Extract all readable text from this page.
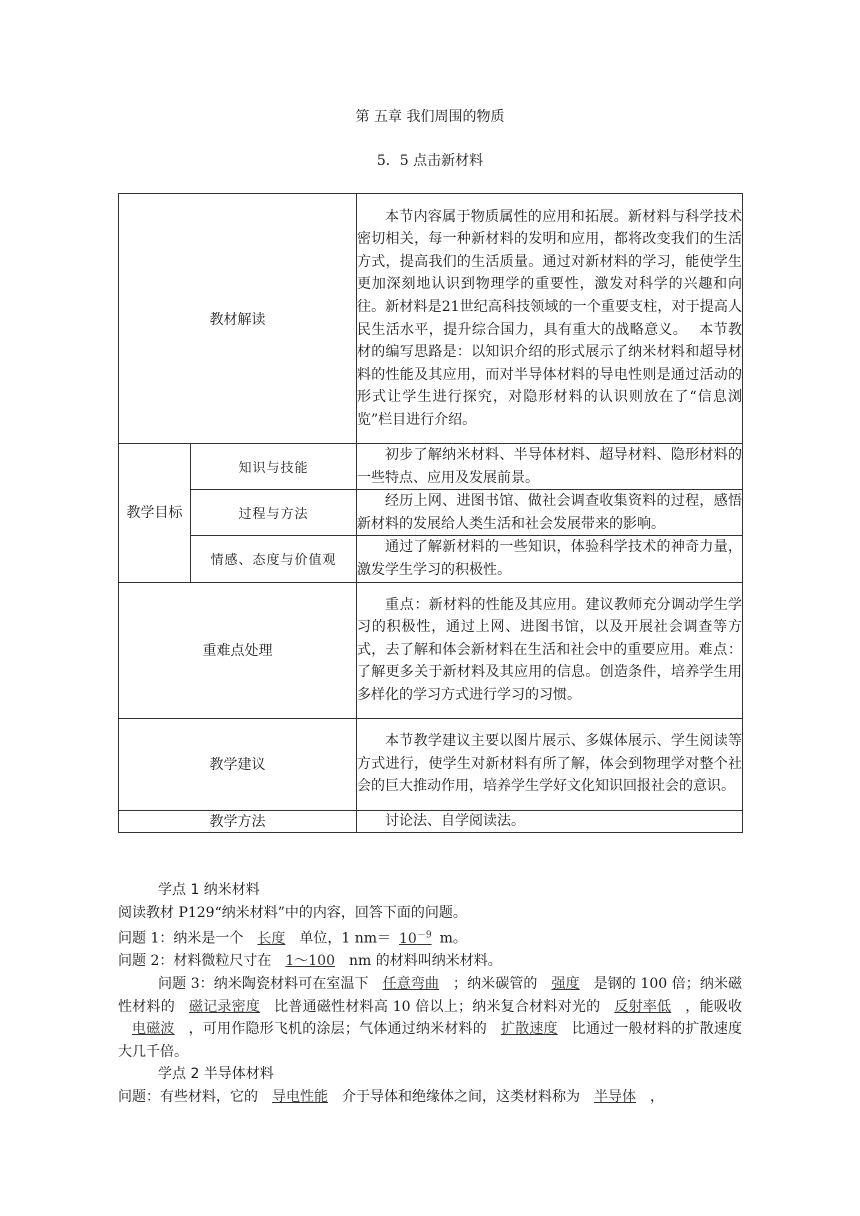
第 五章 我们周围的物质
5．5 点击新材料
教材解读		本节内容属于物质属性的应用和拓展。新材料与科学技术密切相关，每一种新材料的发明和应用，都将改变我们的生活方式，提高我们的生活质量。通过对新材料的学习，能使学生更加深刻地认识到物理学的重要性，激发对科学的兴趣和向往。新材料是21世纪高科技领域的一个重要支柱，对于提高人民生活水平，提升综合国力，具有重大的战略意义。　 本节教材的编写思路是：以知识介绍的形式展示了纳米材料和超导材料的性能及其应用，而对半导体材料的导电性则是通过活动的形式让学生进行探究，对隐形材料的认识则放在了“信息浏览”栏目进行介绍。
教学目标	知识与技能	初步了解纳米材料、半导体材料、超导材料、隐形材料的一些特点、应用及发展前景。
	过程与方法	经历上网、进图书馆、做社会调查收集资料的过程，感悟新材料的发展给人类生活和社会发展带来的影响。
	情感、态度与价值观	通过了解新材料的一些知识，体验科学技术的神奇力量，激发学生学习的积极性。
重难点处理		重点：新材料的性能及其应用。建议教师充分调动学生学习的积极性，通过上网、进图书馆，以及开展社会调查等方式，去了解和体会新材料在生活和社会中的重要应用。难点：了解更多关于新材料及其应用的信息。创造条件，培养学生用多样化的学习方式进行学习的习惯。
教学建议		本节教学建议主要以图片展示、多媒体展示、学生阅读等方式进行，使学生对新材料有所了解，体会到物理学对整个社会的巨大推动作用，培养学生学好文化知识回报社会的意识。
教学方法		讨论法、自学阅读法。

学点 1 纳米材料

阅读教材 P129“纳米材料”中的内容，回答下面的问题。

问题 1：纳米是一个 长度 单位，1 $nm= 10^{-9}$ m。

问题 2：材料微粒尺寸在 1～100 nm 的材料叫纳米材料。

问题 3：纳米陶瓷材料可在室温下 任意弯曲 ；纳米碳管的 强度 是钢的 100 倍；纳米磁性材料的 磁记录密度 比普通磁性材料高 10 倍以上；纳米复合材料对光的 反射率低 ，能吸收电磁波 ，可用作隐形飞机的涂层；气体通过纳米材料的 扩散速度 比通过一般材料的扩散速度大几千倍。

学点 2 半导体材料

问题：有些材料，它的 导电性能 介于导体和绝缘体之间，这类材料称为 半导体 ，
